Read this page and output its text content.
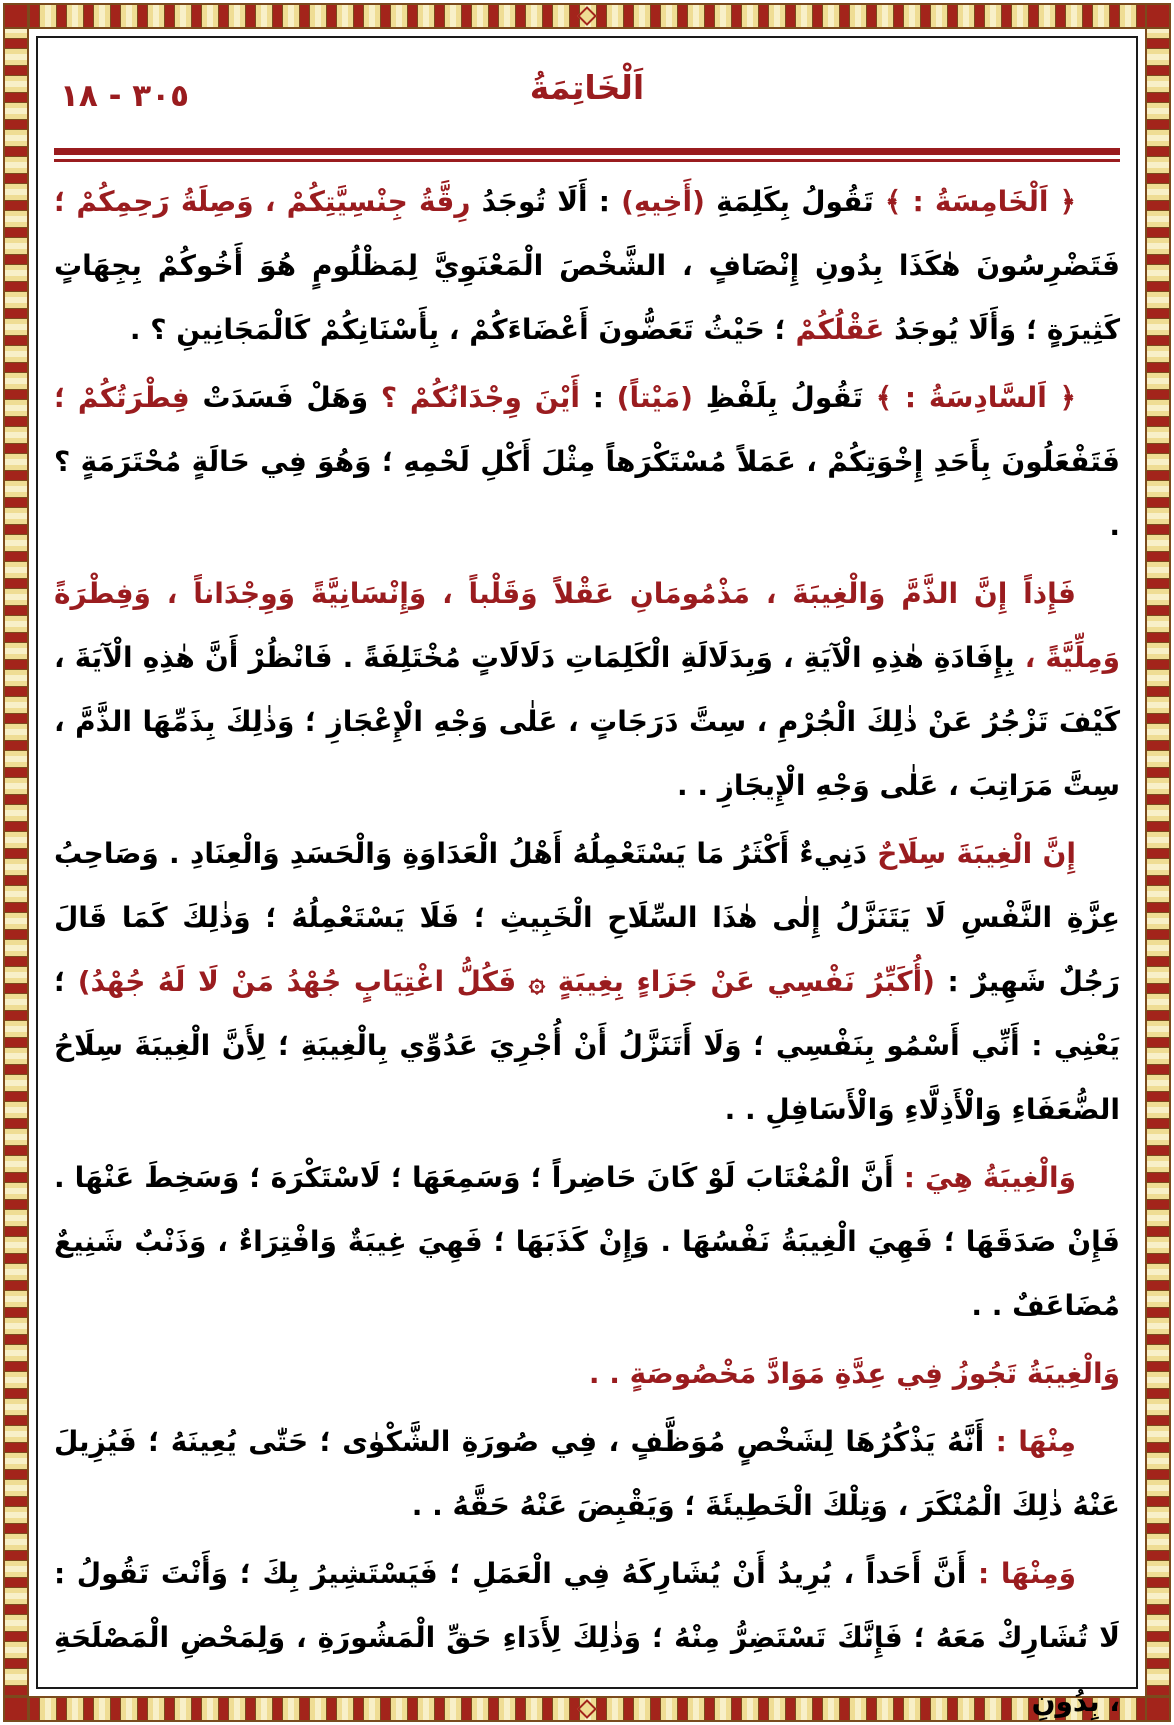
٣٠٥ - ١٨	اَلْخَاتِمَةُ

﴿ اَلْخَامِسَةُ : ﴾ تَقُولُ بِكَلِمَةِ (أَخِيهِ) : أَلَا تُوجَدُ رِقَّةُ جِنْسِيَّتِكُمْ ، وَصِلَةُ رَحِمِكُمْ ؛ فَتَضْرِسُونَ هٰكَذَا بِدُونِ إِنْصَافٍ ، الشَّخْصَ الْمَعْنَوِيَّ لِمَظْلُومٍ هُوَ أَخُوكُمْ بِجِهَاتٍ كَثِيرَةٍ ؛ وَأَلَا يُوجَدُ عَقْلُكُمْ ؛ حَيْثُ تَعَضُّونَ أَعْضَاءَكُمْ ، بِأَسْنَانِكُمْ كَالْمَجَانِينِ ؟ .

﴿ اَلسَّادِسَةُ : ﴾ تَقُولُ بِلَفْظِ (مَيْتاً) : أَيْنَ وِجْدَانُكُمْ ؟ وَهَلْ فَسَدَتْ فِطْرَتُكُمْ ؛ فَتَفْعَلُونَ بِأَحَدِ إِخْوَتِكُمْ ، عَمَلاً مُسْتَكْرَهاً مِثْلَ أَكْلِ لَحْمِهِ ؛ وَهُوَ فِي حَالَةٍ مُحْتَرَمَةٍ ؟ .

فَإِذاً إِنَّ الذَّمَّ وَالْغِيبَةَ ، مَذْمُومَانِ عَقْلاً وَقَلْباً ، وَإِنْسَانِيَّةً وَوِجْدَاناً ، وَفِطْرَةً وَمِلِّيَّةً ، بِإِفَادَةِ هٰذِهِ الْآيَةِ ، وَبِدَلَالَةِ الْكَلِمَاتِ دَلَالَاتٍ مُخْتَلِفَةً . فَانْظُرْ أَنَّ هٰذِهِ الْآيَةَ ، كَيْفَ تَزْجُرُ عَنْ ذٰلِكَ الْجُرْمِ ، سِتَّ دَرَجَاتٍ ، عَلٰى وَجْهِ الْإِعْجَازِ ؛ وَذٰلِكَ بِذَمِّهَا الذَّمَّ ، سِتَّ مَرَاتِبَ ، عَلٰى وَجْهِ الْإِيجَازِ . .

إِنَّ الْغِيبَةَ سِلَاحٌ دَنِيءٌ أَكْثَرُ مَا يَسْتَعْمِلُهُ أَهْلُ الْعَدَاوَةِ وَالْحَسَدِ وَالْعِنَادِ . وَصَاحِبُ عِزَّةِ النَّفْسِ لَا يَتَنَزَّلُ إِلٰى هٰذَا السِّلَاحِ الْخَبِيثِ ؛ فَلَا يَسْتَعْمِلُهُ ؛ وَذٰلِكَ كَمَا قَالَ رَجُلٌ شَهِيرٌ : (أُكَبِّرُ نَفْسِي عَنْ جَزَاءٍ بِغِيبَةٍ ۞ فَكُلُّ اغْتِيَابٍ جُهْدُ مَنْ لَا لَهُ جُهْدُ) ؛ يَعْنِي : أَنِّي أَسْمُو بِنَفْسِي ؛ وَلَا أَتَنَزَّلُ أَنْ أُجْرِيَ عَدُوِّي بِالْغِيبَةِ ؛ لِأَنَّ الْغِيبَةَ سِلَاحُ الضُّعَفَاءِ وَالْأَذِلَّاءِ وَالْأَسَافِلِ . .

وَالْغِيبَةُ هِيَ : أَنَّ الْمُغْتَابَ لَوْ كَانَ حَاضِراً ؛ وَسَمِعَهَا ؛ لَاسْتَكْرَهَ ؛ وَسَخِطَ عَنْهَا . فَإِنْ صَدَقَهَا ؛ فَهِيَ الْغِيبَةُ نَفْسُهَا . وَإِنْ كَذَبَهَا ؛ فَهِيَ غِيبَةٌ وَافْتِرَاءٌ ، وَذَنْبٌ شَنِيعٌ مُضَاعَفٌ . .

وَالْغِيبَةُ تَجُوزُ فِي عِدَّةِ مَوَادَّ مَخْصُوصَةٍ . .

مِنْهَا : أَنَّهُ يَذْكُرُهَا لِشَخْصٍ مُوَظَّفٍ ، فِي صُورَةِ الشَّكْوٰى ؛ حَتّٰى يُعِينَهُ ؛ فَيُزِيلَ عَنْهُ ذٰلِكَ الْمُنْكَرَ ، وَتِلْكَ الْخَطِيئَةَ ؛ وَيَقْبِضَ عَنْهُ حَقَّهُ . .

وَمِنْهَا : أَنَّ أَحَداً ، يُرِيدُ أَنْ يُشَارِكَهُ فِي الْعَمَلِ ؛ فَيَسْتَشِيرُ بِكَ ؛ وَأَنْتَ تَقُولُ : لَا تُشَارِكْ مَعَهُ ؛ فَإِنَّكَ تَسْتَضِرُّ مِنْهُ ؛ وَذٰلِكَ لِأَدَاءِ حَقِّ الْمَشُورَةِ ، وَلِمَحْضِ الْمَصْلَحَةِ ، بِدُونِ
